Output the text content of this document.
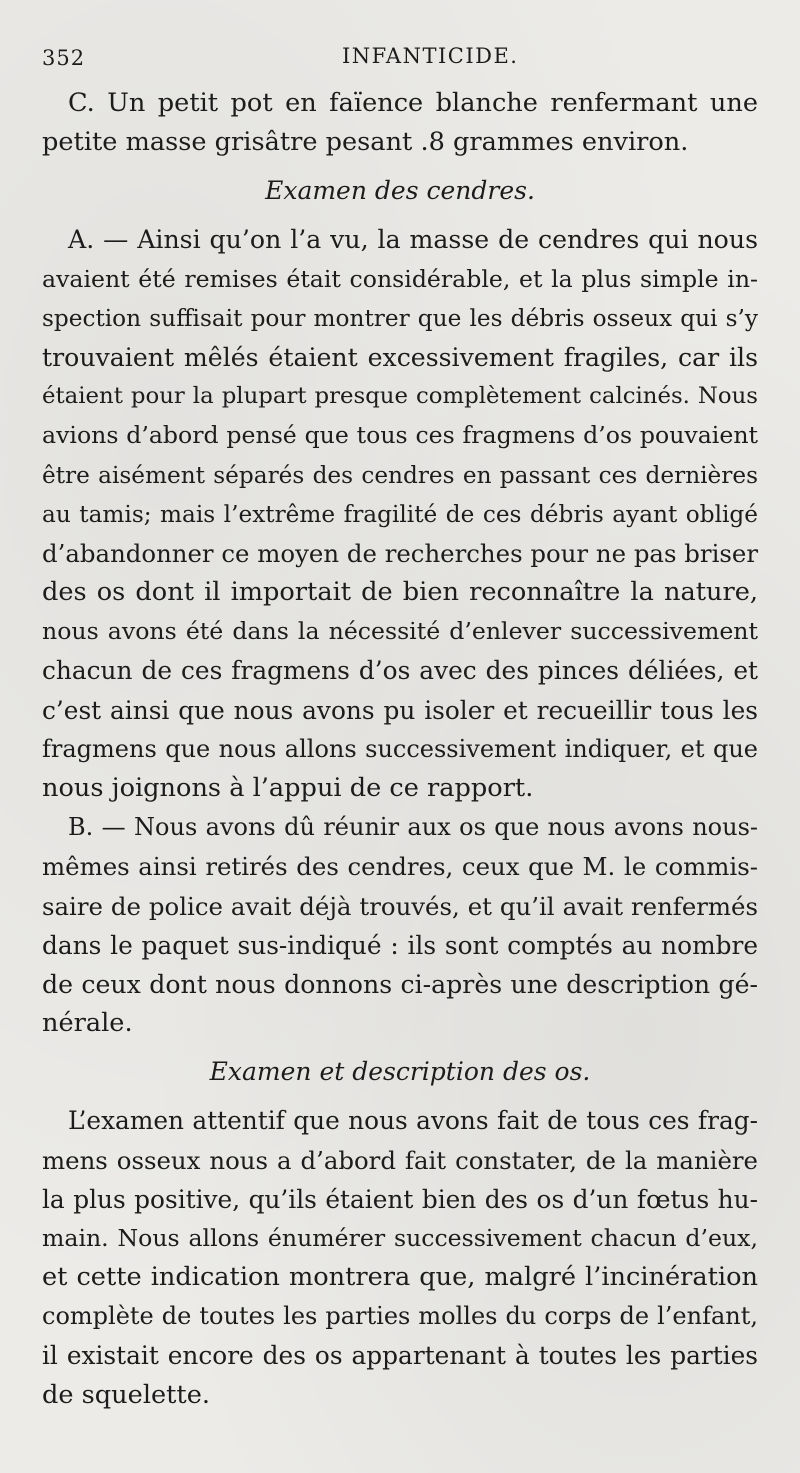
352	INFANTICIDE.
C. Un petit pot en faïence blanche renfermant une
petite masse grisâtre pesant .8 grammes environ.
Examen des cendres.
A. — Ainsi qu’on l’a vu, la masse de cendres qui nous
avaient été remises était considérable, et la plus simple in-
spection suffisait pour montrer que les débris osseux qui s’y
trouvaient mêlés étaient excessivement fragiles, car ils
étaient pour la plupart presque complètement calcinés. Nous
avions d’abord pensé que tous ces fragmens d’os pouvaient
être aisément séparés des cendres en passant ces dernières
au tamis; mais l’extrême fragilité de ces débris ayant obligé
d’abandonner ce moyen de recherches pour ne pas briser
des os dont il importait de bien reconnaître la nature,
nous avons été dans la nécessité d’enlever successivement
chacun de ces fragmens d’os avec des pinces déliées, et
c’est ainsi que nous avons pu isoler et recueillir tous les
fragmens que nous allons successivement indiquer, et que
nous joignons à l’appui de ce rapport.
B. — Nous avons dû réunir aux os que nous avons nous-
mêmes ainsi retirés des cendres, ceux que M. le commis-
saire de police avait déjà trouvés, et qu’il avait renfermés
dans le paquet sus-indiqué : ils sont comptés au nombre
de ceux dont nous donnons ci-après une description gé-
nérale.
Examen et description des os.
L’examen attentif que nous avons fait de tous ces frag-
mens osseux nous a d’abord fait constater, de la manière
la plus positive, qu’ils étaient bien des os d’un fœtus hu-
main. Nous allons énumérer successivement chacun d’eux,
et cette indication montrera que, malgré l’incinération
complète de toutes les parties molles du corps de l’enfant,
il existait encore des os appartenant à toutes les parties
de squelette.
